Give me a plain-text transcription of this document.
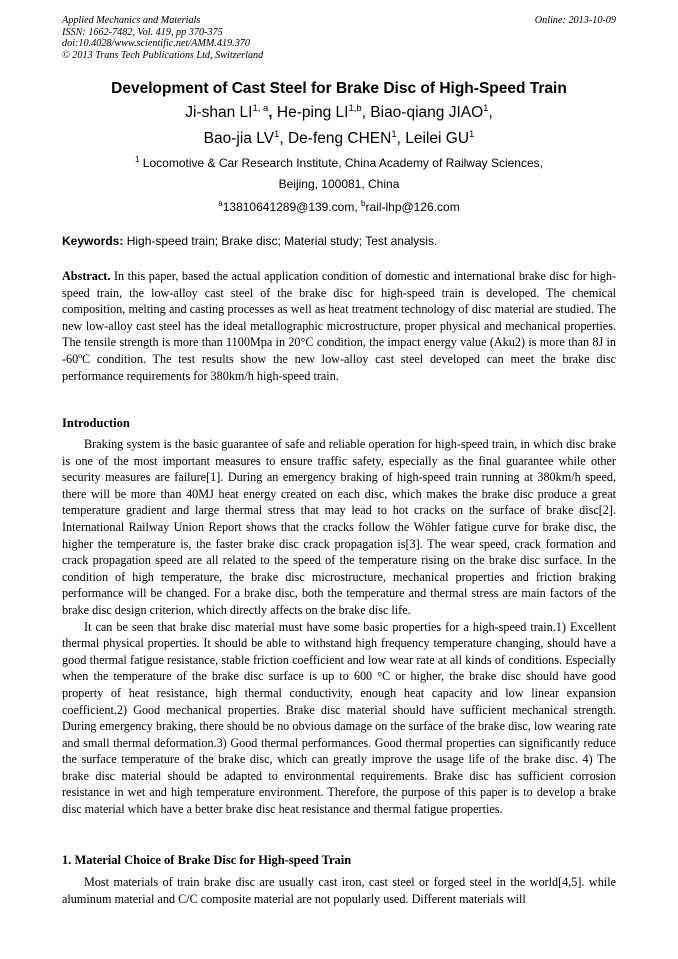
Applied Mechanics and Materials
ISSN: 1662-7482, Vol. 419, pp 370-375
doi:10.4028/www.scientific.net/AMM.419.370
© 2013 Trans Tech Publications Ltd, Switzerland
Online: 2013-10-09
Development of Cast Steel for Brake Disc of High-Speed Train
Ji-shan LI$^{1, a}$, He-ping LI$^{1,b}$, Biao-qiang JIAO$^1$,
Bao-jia $LV^1$, De-feng CHEN$^1$, Leilei $GU^1$
$^1$ Locomotive & Car Research Institute, China Academy of Railway Sciences,
Beijing, 100081, China
$^a$13810641289@139.com, $^b$rail-lhp@126.com
Keywords: High-speed train; Brake disc; Material study; Test analysis.

Abstract. In this paper, based the actual application condition of domestic and international brake disc for high-speed train, the low-alloy cast steel of the brake disc for high-speed train is developed. The chemical composition, melting and casting processes as well as heat treatment technology of disc material are studied. The new low-alloy cast steel has the ideal metallographic microstructure, proper physical and mechanical properties. The tensile strength is more than 1100Mpa in 20°C condition, the impact energy value (Aku2) is more than 8J in -60ºC condition. The test results show the new low-alloy cast steel developed can meet the brake disc performance requirements for 380km/h high-speed train.

Introduction

Braking system is the basic guarantee of safe and reliable operation for high-speed train, in which disc brake is one of the most important measures to ensure traffic safety, especially as the final guarantee while other security measures are failure[1]. During an emergency braking of high-speed train running at 380km/h speed, there will be more than 40MJ heat energy created on each disc, which makes the brake disc produce a great temperature gradient and large thermal stress that may lead to hot cracks on the surface of brake disc[2]. International Railway Union Report shows that the cracks follow the Wöhler fatigue curve for brake disc, the higher the temperature is, the faster brake disc crack propagation is[3]. The wear speed, crack formation and crack propagation speed are all related to the speed of the temperature rising on the brake disc surface. In the condition of high temperature, the brake disc microstructure, mechanical properties and friction braking performance will be changed. For a brake disc, both the temperature and thermal stress are main factors of the brake disc design criterion, which directly affects on the brake disc life.

It can be seen that brake disc material must have some basic properties for a high-speed train.1) Excellent thermal physical properties. It should be able to withstand high frequency temperature changing, should have a good thermal fatigue resistance, stable friction coefficient and low wear rate at all kinds of conditions. Especially when the temperature of the brake disc surface is up to 600 °C or higher, the brake disc should have good property of heat resistance, high thermal conductivity, enough heat capacity and low linear expansion coefficient.2) Good mechanical properties. Brake disc material should have sufficient mechanical strength. During emergency braking, there should be no obvious damage on the surface of the brake disc, low wearing rate and small thermal deformation.3) Good thermal performances. Good thermal properties can significantly reduce the surface temperature of the brake disc, which can greatly improve the usage life of the brake disc. 4) The brake disc material should be adapted to environmental requirements. Brake disc has sufficient corrosion resistance in wet and high temperature environment. Therefore, the purpose of this paper is to develop a brake disc material which have a better brake disc heat resistance and thermal fatigue properties.

1. Material Choice of Brake Disc for High-speed Train

Most materials of train brake disc are usually cast iron, cast steel or forged steel in the world[4,5]. while aluminum material and C/C composite material are not popularly used. Different materials will
